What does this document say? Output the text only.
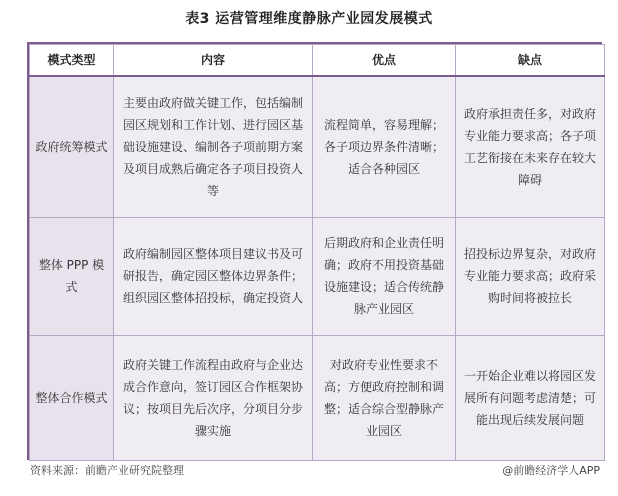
表3 运营管理维度静脉产业园发展模式
模式类型	内容	优点	缺点
政府统筹模式	主要由政府做关键工作，包括编制园区规划和工作计划、进行园区基础设施建设、编制各子项前期方案及项目成熟后确定各子项目投资人等	流程简单，容易理解；各子项边界条件清晰；适合各种园区	政府承担责任多，对政府专业能力要求高；各子项工艺衔接在未来存在较大障碍
整体 PPP 模式	政府编制园区整体项目建议书及可研报告，确定园区整体边界条件；组织园区整体招投标，确定投资人	后期政府和企业责任明确；政府不用投资基础设施建设；适合传统静脉产业园区	招投标边界复杂，对政府专业能力要求高；政府采购时间将被拉长
整体合作模式	政府关键工作流程由政府与企业达成合作意向，签订园区合作框架协议；按项目先后次序，分项目分步骤实施	对政府专业性要求不高；方便政府控制和调整；适合综合型静脉产业园区	一开始企业难以将园区发展所有问题考虑清楚；可能出现后续发展问题
资料来源：前瞻产业研究院整理	@前瞻经济学人APP
